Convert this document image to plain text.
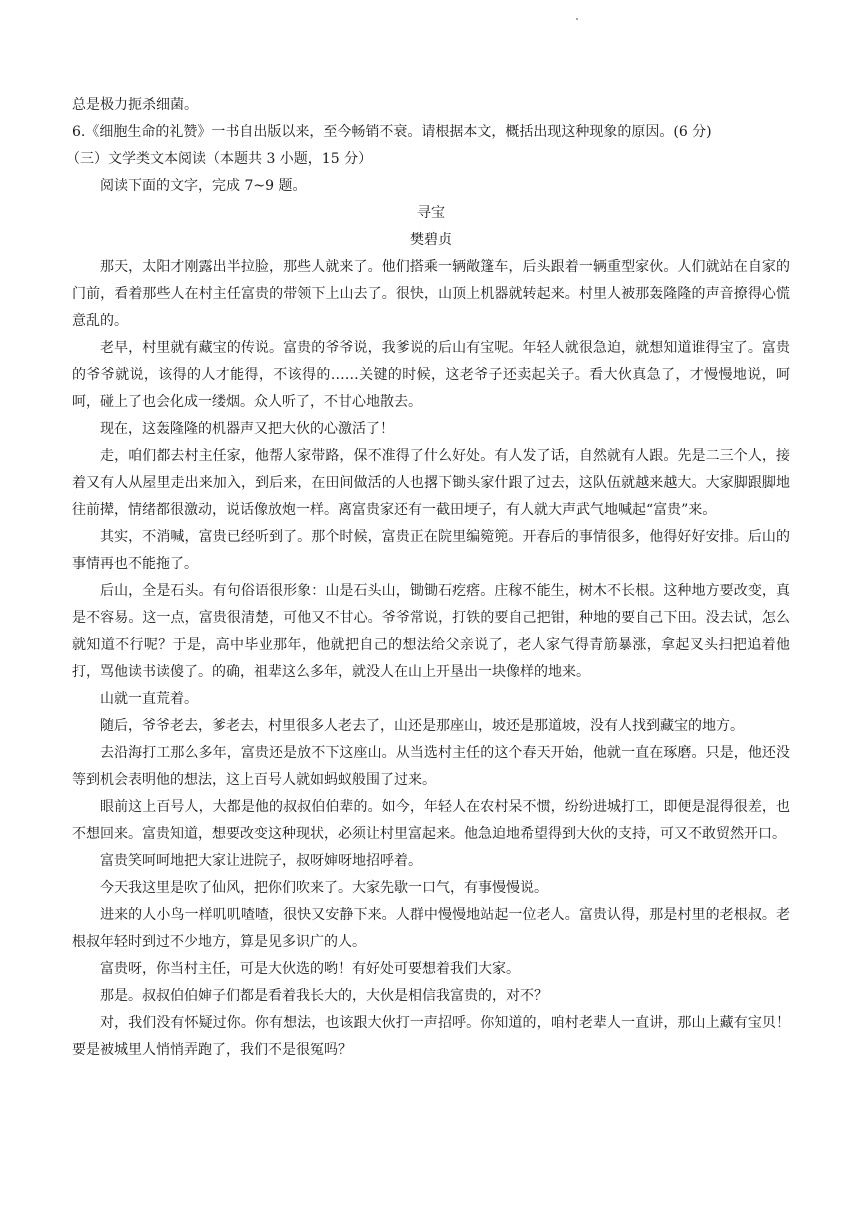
总是极力扼杀细菌。
6.《细胞生命的礼赞》一书自出版以来，至今畅销不衰。请根据本文，概括出现这种现象的原因。(6 分)
（三）文学类文本阅读（本题共 3 小题，15 分）
阅读下面的文字，完成 7~9 题。
寻宝
樊碧贞
那天，太阳才刚露出半拉脸，那些人就来了。他们搭乘一辆敞篷车，后头跟着一辆重型家伙。人们就站在自家的门前，看着那些人在村主任富贵的带领下上山去了。很快，山顶上机器就转起来。村里人被那轰隆隆的声音撩得心慌意乱的。
老早，村里就有藏宝的传说。富贵的爷爷说，我爹说的后山有宝呢。年轻人就很急迫，就想知道谁得宝了。富贵的爷爷就说，该得的人才能得，不该得的……关键的时候，这老爷子还卖起关子。看大伙真急了，才慢慢地说，呵呵，碰上了也会化成一缕烟。众人听了，不甘心地散去。
现在，这轰隆隆的机器声又把大伙的心激活了！
走，咱们都去村主任家，他帮人家带路，保不准得了什么好处。有人发了话，自然就有人跟。先是二三个人，接着又有人从屋里走出来加入，到后来，在田间做活的人也撂下锄头家什跟了过去，这队伍就越来越大。大家脚跟脚地往前撵，情绪都很激动，说话像放炮一样。离富贵家还有一截田埂子，有人就大声武气地喊起“富贵”来。
其实，不消喊，富贵已经听到了。那个时候，富贵正在院里编箢篼。开春后的事情很多，他得好好安排。后山的事情再也不能拖了。
后山，全是石头。有句俗语很形象：山是石头山，锄锄石疙瘩。庄稼不能生，树木不长根。这种地方要改变，真是不容易。这一点，富贵很清楚，可他又不甘心。爷爷常说，打铁的要自己把钳，种地的要自己下田。没去试，怎么就知道不行呢？于是，高中毕业那年，他就把自己的想法给父亲说了，老人家气得青筋暴涨，拿起叉头扫把追着他打，骂他读书读傻了。的确，祖辈这么多年，就没人在山上开垦出一块像样的地来。
山就一直荒着。
随后，爷爷老去，爹老去，村里很多人老去了，山还是那座山，坡还是那道坡，没有人找到藏宝的地方。
去沿海打工那么多年，富贵还是放不下这座山。从当选村主任的这个春天开始，他就一直在琢磨。只是，他还没等到机会表明他的想法，这上百号人就如蚂蚁般围了过来。
眼前这上百号人，大都是他的叔叔伯伯辈的。如今，年轻人在农村呆不惯，纷纷进城打工，即便是混得很差，也不想回来。富贵知道，想要改变这种现状，必须让村里富起来。他急迫地希望得到大伙的支持，可又不敢贸然开口。
富贵笑呵呵地把大家让进院子，叔呀婶呀地招呼着。
今天我这里是吹了仙风，把你们吹来了。大家先歇一口气，有事慢慢说。
进来的人小鸟一样叽叽喳喳，很快又安静下来。人群中慢慢地站起一位老人。富贵认得，那是村里的老根叔。老根叔年轻时到过不少地方，算是见多识广的人。
富贵呀，你当村主任，可是大伙选的哟！有好处可要想着我们大家。
那是。叔叔伯伯婶子们都是看着我长大的，大伙是相信我富贵的，对不？
对，我们没有怀疑过你。你有想法，也该跟大伙打一声招呼。你知道的，咱村老辈人一直讲，那山上藏有宝贝！要是被城里人悄悄弄跑了，我们不是很冤吗？
